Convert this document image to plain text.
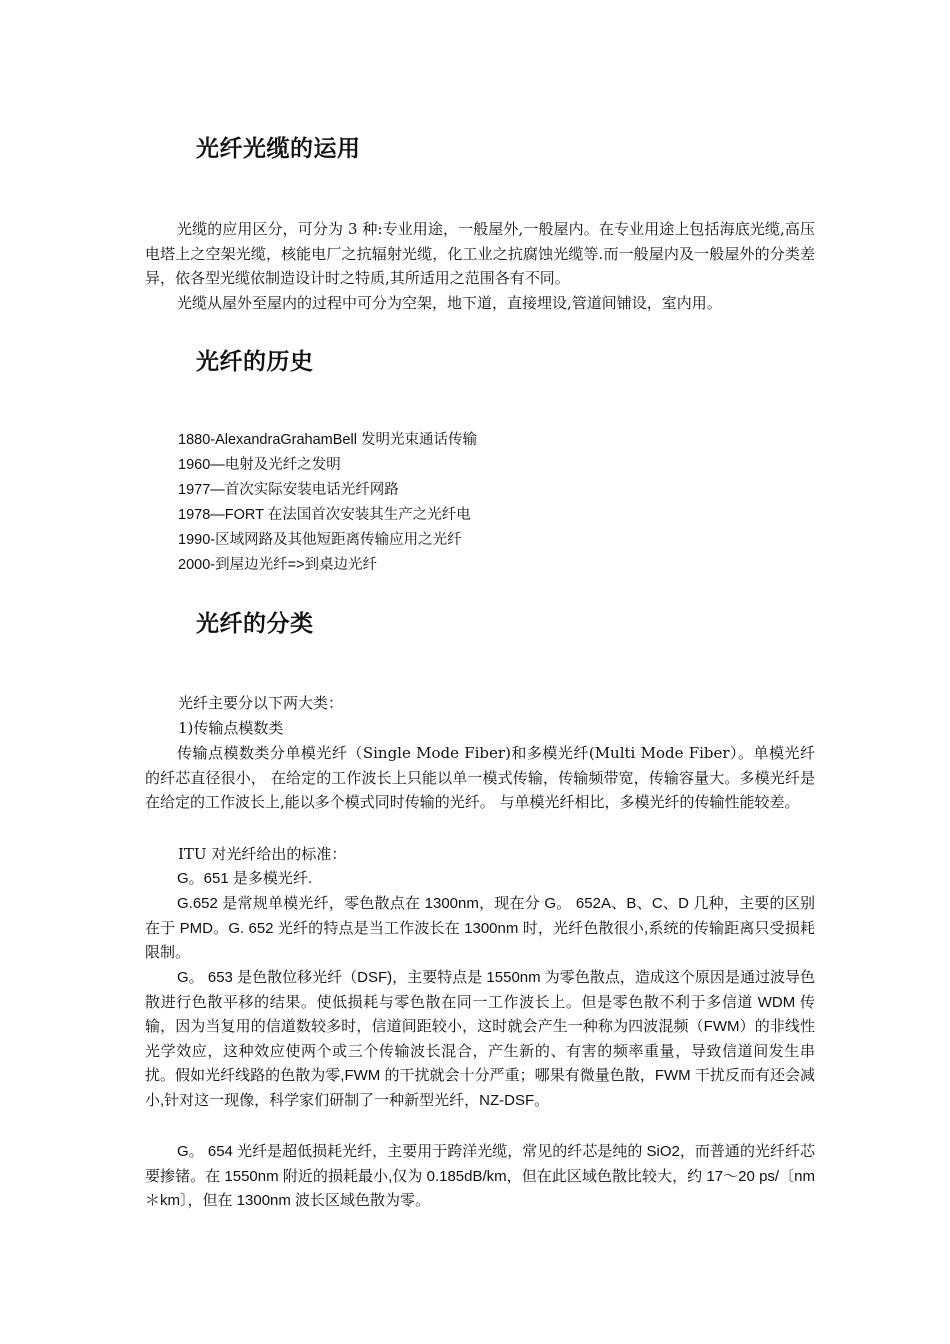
光纤光缆的运用

光缆的应用区分，可分为 3 种:专业用途，一般屋外,一般屋内。在专业用途上包括海底光缆,高压电塔上之空架光缆，核能电厂之抗辐射光缆，化工业之抗腐蚀光缆等.而一般屋内及一般屋外的分类差异，依各型光缆依制造设计时之特质,其所适用之范围各有不同。

光缆从屋外至屋内的过程中可分为空架，地下道，直接埋设,管道间铺设，室内用。

光纤的历史
1880-AlexandraGrahamBell 发明光束通话传输
1960—电射及光纤之发明
1977—首次实际安装电话光纤网路
1978—FORT 在法国首次安装其生产之光纤电
1990-区域网路及其他短距离传输应用之光纤
2000-到屋边光纤=>到桌边光纤
光纤的分类

光纤主要分以下两大类：

1)传输点模数类

传输点模数类分单模光纤（Single Mode Fiber)和多模光纤(Multi Mode Fiber）。单模光纤的纤芯直径很小， 在给定的工作波长上只能以单一模式传输，传输频带宽，传输容量大。多模光纤是在给定的工作波长上,能以多个模式同时传输的光纤。 与单模光纤相比，多模光纤的传输性能较差。

ITU 对光纤给出的标准：

G。651 是多模光纤.

G.652 是常规单模光纤，零色散点在 1300nm，现在分 G。 652A、B、C、D 几种，主要的区别在于 PMD。G. 652 光纤的特点是当工作波长在 1300nm 时，光纤色散很小,系统的传输距离只受损耗限制。

G。 653 是色散位移光纤（DSF)，主要特点是 1550nm 为零色散点，造成这个原因是通过波导色散进行色散平移的结果。使低损耗与零色散在同一工作波长上。但是零色散不利于多信道 WDM 传输，因为当复用的信道数较多时，信道间距较小，这时就会产生一种称为四波混频（FWM）的非线性光学效应，这种效应使两个或三个传输波长混合，产生新的、有害的频率重量，导致信道间发生串扰。假如光纤线路的色散为零,FWM 的干扰就会十分严重；哪果有微量色散，FWM 干扰反而有还会减小,针对这一现像，科学家们研制了一种新型光纤，NZ-DSF。

G。 654 光纤是超低损耗光纤，主要用于跨洋光缆，常见的纤芯是纯的 SiO2，而普通的光纤纤芯要掺锗。在 1550nm 附近的损耗最小,仅为 0.185dB/km，但在此区域色散比较大，约 17～20 ps/〔nm＊km〕，但在 1300nm 波长区域色散为零。
